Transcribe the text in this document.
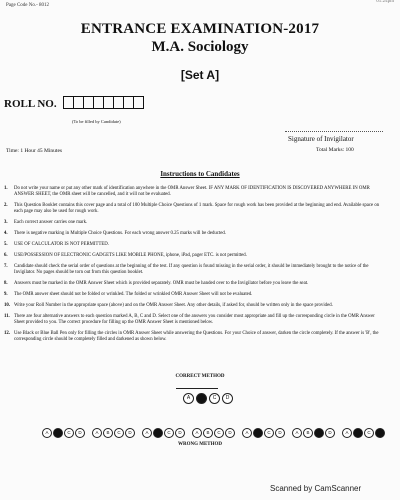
Page Code No.- 8012
01:24pm
ENTRANCE EXAMINATION-2017
M.A. Sociology
[Set A]
ROLL NO.
(To be filled by Candidate)
Signature of Invigilator
Time: 1 Hour 45 Minutes	Total Marks: 100
Instructions to Candidates
1. Do not write your name or put any other mark of identification anywhere in the OMR Answer Sheet. IF ANY MARK OF IDENTIFICATION IS DISCOVERED ANYWHERE IN OMR ANSWER SHEET, the OMR sheet will be cancelled, and it will not be evaluated.
2. This Question Booklet contains this cover page and a total of 100 Multiple Choice Questions of 1 mark. Space for rough work has been provided at the beginning and end. Available space on each page may also be used for rough work.
3. Each correct answer carries one mark.
4. There is negative marking in Multiple Choice Questions. For each wrong answer 0.25 marks will be deducted.
5. USE OF CALCULATOR IS NOT PERMITTED.
6. USE/POSSESSION OF ELECTRONIC GADGETS LIKE MOBILE PHONE, iphone, iPad, pager ETC. is not permitted.
7. Candidate should check the serial order of questions at the beginning of the test. If any question is found missing in the serial order, it should be immediately brought to the notice of the Invigilator. No pages should be torn out from this question booklet.
8. Answers must be marked in the OMR Answer Sheet which is provided separately. OMR must be handed over to the Invigilator before you leave the seat.
9. The OMR answer sheet should not be folded or wrinkled. The folded or wrinkled OMR Answer Sheet will not be evaluated.
10. Write your Roll Number in the appropriate space (above) and on the OMR Answer Sheet. Any other details, if asked for, should be written only in the space provided.
11. There are four alternative answers to each question marked A, B, C and D. Select one of the answers you consider most appropriate and fill up the corresponding circle in the OMR Answer Sheet provided to you. The correct procedure for filling up the OMR Answer Sheet is mentioned below.
12. Use Black or Blue Ball Pen only for filling the circles in OMR Answer Sheet while answering the Questions. For your Choice of answer, darken the circle completely. If the answer is 'B', the corresponding circle should be completely filled and darkened as shown below.
CORRECT METHOD
A	C	D
A	C	D	A	B	C	D	A	C	D	A	B	C	D	A	C	D	A	B	D	A	C
WRONG METHOD
Scanned by CamScanner
